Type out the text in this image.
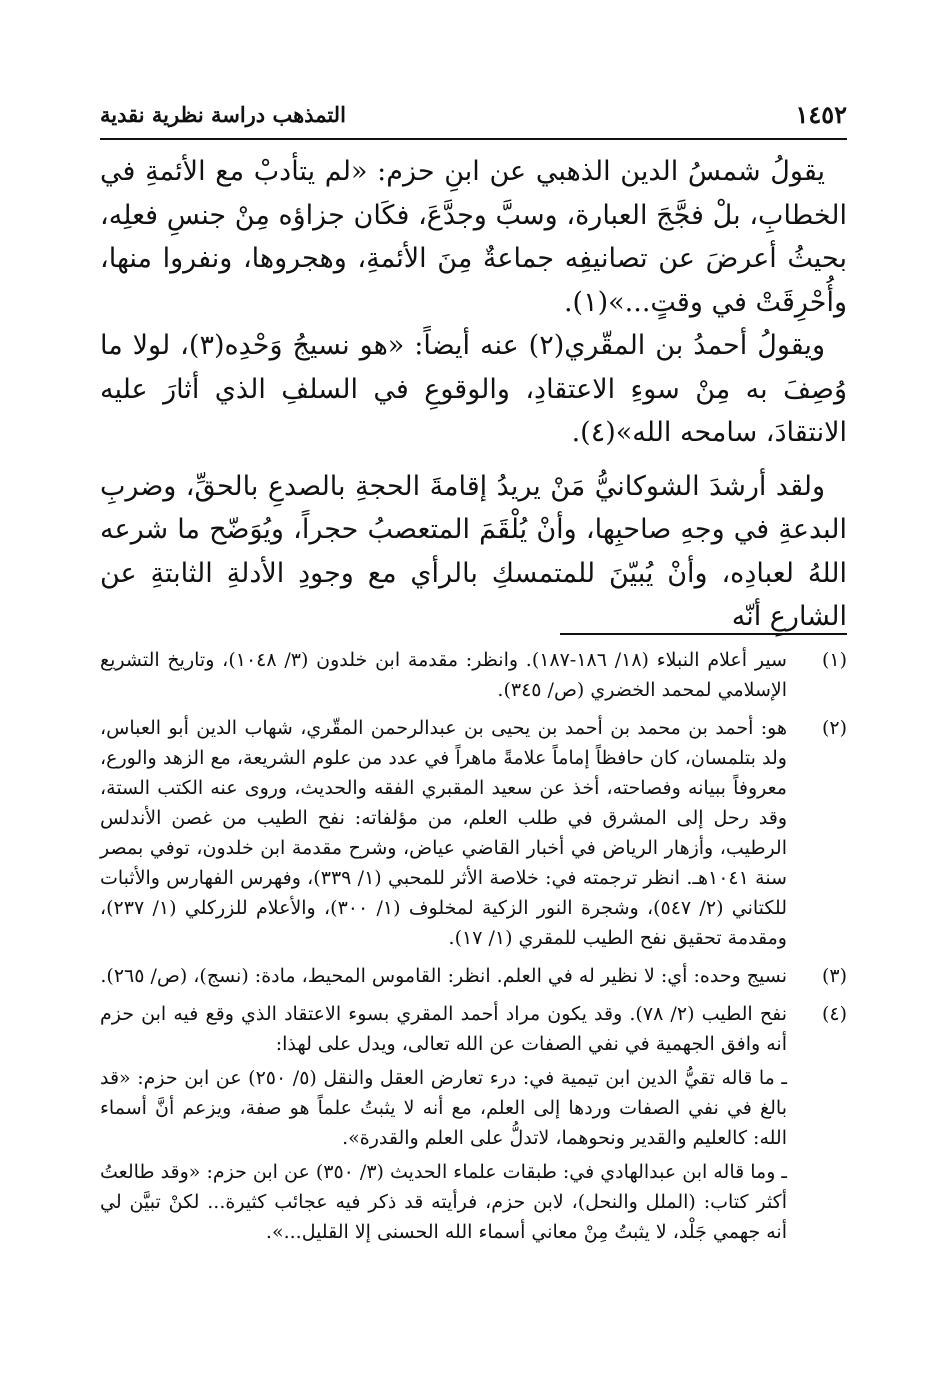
١٤٥٢
التمذهب دراسة نظرية نقدية

يقولُ شمسُ الدين الذهبي عن ابنِ حزم: «لم يتأدبْ مع الأئمةِ في الخطابِ، بلْ فجَّجَ العبارة، وسبَّ وجدَّعَ، فكَان جزاؤه مِنْ جنسِ فعلِه، بحيثُ أعرضَ عن تصانيفِه جماعةٌ مِنَ الأئمةِ، وهجروها، ونفروا منها، وأُحْرِقَتْ في وقتٍ...»(١).

ويقولُ أحمدُ بن المقّري(٢) عنه أيضاً: «هو نسيجُ وَحْدِه(٣)، لولا ما وُصِفَ به مِنْ سوءِ الاعتقادِ، والوقوعِ في السلفِ الذي أثارَ عليه الانتقادَ، سامحه الله»(٤).

ولقد أرشدَ الشوكانيُّ مَنْ يريدُ إقامةَ الحجةِ بالصدعِ بالحقِّ، وضربِ البدعةِ في وجهِ صاحبِها، وأنْ يُلْقَمَ المتعصبُ حجراً، ويُوَضّح ما شرعه اللهُ لعبادِه، وأنْ يُبيّنَ للمتمسكِ بالرأي مع وجودِ الأدلةِ الثابتةِ عن الشارعِ أنّه

(١)
سير أعلام النبلاء (١٨/ ١٨٦-١٨٧). وانظر: مقدمة ابن خلدون (٣/ ١٠٤٨)، وتاريخ التشريع الإسلامي لمحمد الخضري (ص/ ٣٤٥).
(٢)
هو: أحمد بن محمد بن أحمد بن يحيى بن عبدالرحمن المقّري، شهاب الدين أبو العباس، ولد بتلمسان، كان حافظاً إماماً علامةً ماهراً في عدد من علوم الشريعة، مع الزهد والورع، معروفاً ببيانه وفصاحته، أخذ عن سعيد المقبري الفقه والحديث، وروى عنه الكتب الستة، وقد رحل إلى المشرق في طلب العلم، من مؤلفاته: نفح الطيب من غصن الأندلس الرطيب، وأزهار الرياض في أخبار القاضي عياض، وشرح مقدمة ابن خلدون، توفي بمصر سنة ١٠٤١هـ. انظر ترجمته في: خلاصة الأثر للمحبي (١/ ٣٣٩)، وفهرس الفهارس والأثبات للكتاني (٢/ ٥٤٧)، وشجرة النور الزكية لمخلوف (١/ ٣٠٠)، والأعلام للزركلي (١/ ٢٣٧)، ومقدمة تحقيق نفح الطيب للمقري (١/ ١٧).
(٣)
نسيج وحده: أي: لا نظير له في العلم. انظر: القاموس المحيط، مادة: (نسج)، (ص/ ٢٦٥).
(٤)
نفح الطيب (٢/ ٧٨). وقد يكون مراد أحمد المقري بسوء الاعتقاد الذي وقع فيه ابن حزم أنه وافق الجهمية في نفي الصفات عن الله تعالى، ويدل على لهذا:
ـ ما قاله تقيُّ الدين ابن تيمية في: درء تعارض العقل والنقل (٥/ ٢٥٠) عن ابن حزم: «قد بالغ في نفي الصفات وردها إلى العلم، مع أنه لا يثبتُ علماً هو صفة، ويزعم أنَّ أسماء الله: كالعليم والقدير ونحوهما، لاتدلُّ على العلم والقدرة».
ـ وما قاله ابن عبدالهادي في: طبقات علماء الحديث (٣/ ٣٥٠) عن ابن حزم: «وقد طالعتُ أكثر كتاب: (الملل والنحل)، لابن حزم، فرأيته قد ذكر فيه عجائب كثيرة... لكنْ تبيَّن لي أنه جهمي جَلْد، لا يثبتُ مِنْ معاني أسماء الله الحسنى إلا القليل...».
